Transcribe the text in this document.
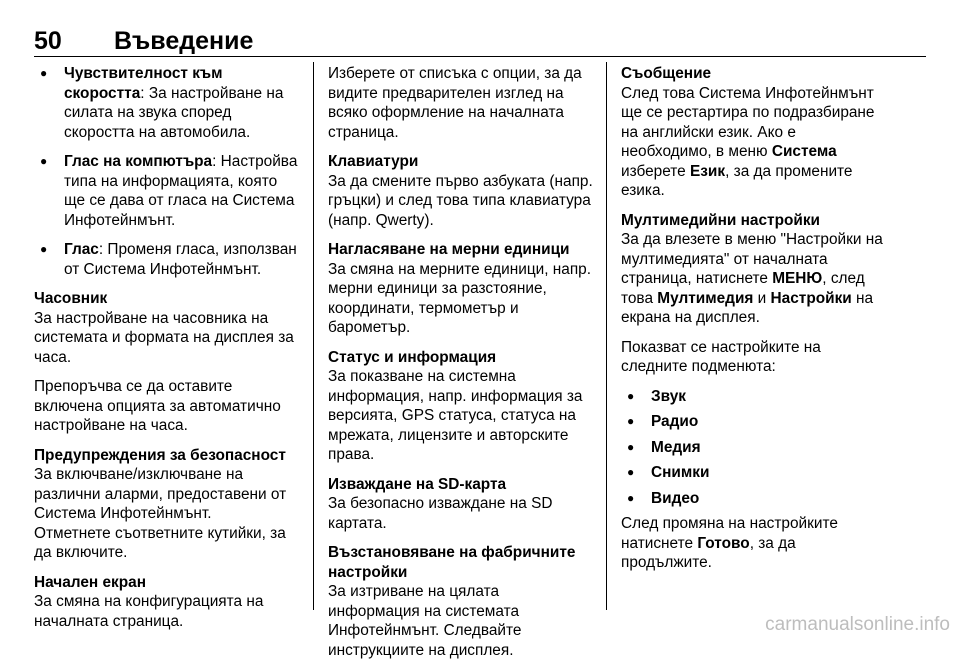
50 Въведение
● Чувствителност към скоростта: За настройване на силата на звука според скоростта на автомобила.
● Глас на компютъра: Настройва типа на информацията, която ще се дава от гласа на Система Инфотейнмънт.
● Глас: Променя гласа, използван от Система Инфотейнмънт.
Часовник
За настройване на часовника на системата и формата на дисплея за часа.
Препоръчва се да оставите включена опцията за автоматично настройване на часа.
Предупреждения за безопасност
За включване/изключване на различни аларми, предоставени от Система Инфотейнмънт.
Отметнете съответните кутийки, за да включите.
Начален екран
За смяна на конфигурацията на началната страница.
Изберете от списъка с опции, за да видите предварителен изглед на всяко оформление на началната страница.
Клавиатури
За да смените първо азбуката (напр. гръцки) и след това типа клавиатура (напр. Qwerty).
Нагласяване на мерни единици
За смяна на мерните единици, напр. мерни единици за разстояние, координати, термометър и барометър.
Статус и информация
За показване на системна информация, напр. информация за версията, GPS статуса, статуса на мрежата, лицензите и авторските права.
Изваждане на SD-карта
За безопасно изваждане на SD картата.
Възстановяване на фабричните настройки
За изтриване на цялата информация на системата Инфотейнмънт. Следвайте инструкциите на дисплея.
Съобщение
След това Система Инфотейнмънт ще се рестартира по подразбиране на английски език. Ако е необходимо, в меню Система изберете Език, за да промените езика.
Мултимедийни настройки
За да влезете в меню "Настройки на мултимедията" от началната страница, натиснете МЕНЮ, след това Мултимедия и Настройки на екрана на дисплея.
Показват се настройките на следните подменюта:
● Звук
● Радио
● Медия
● Снимки
● Видео
След промяна на настройките натиснете Готово, за да продължите.
carmanualsonline.info
